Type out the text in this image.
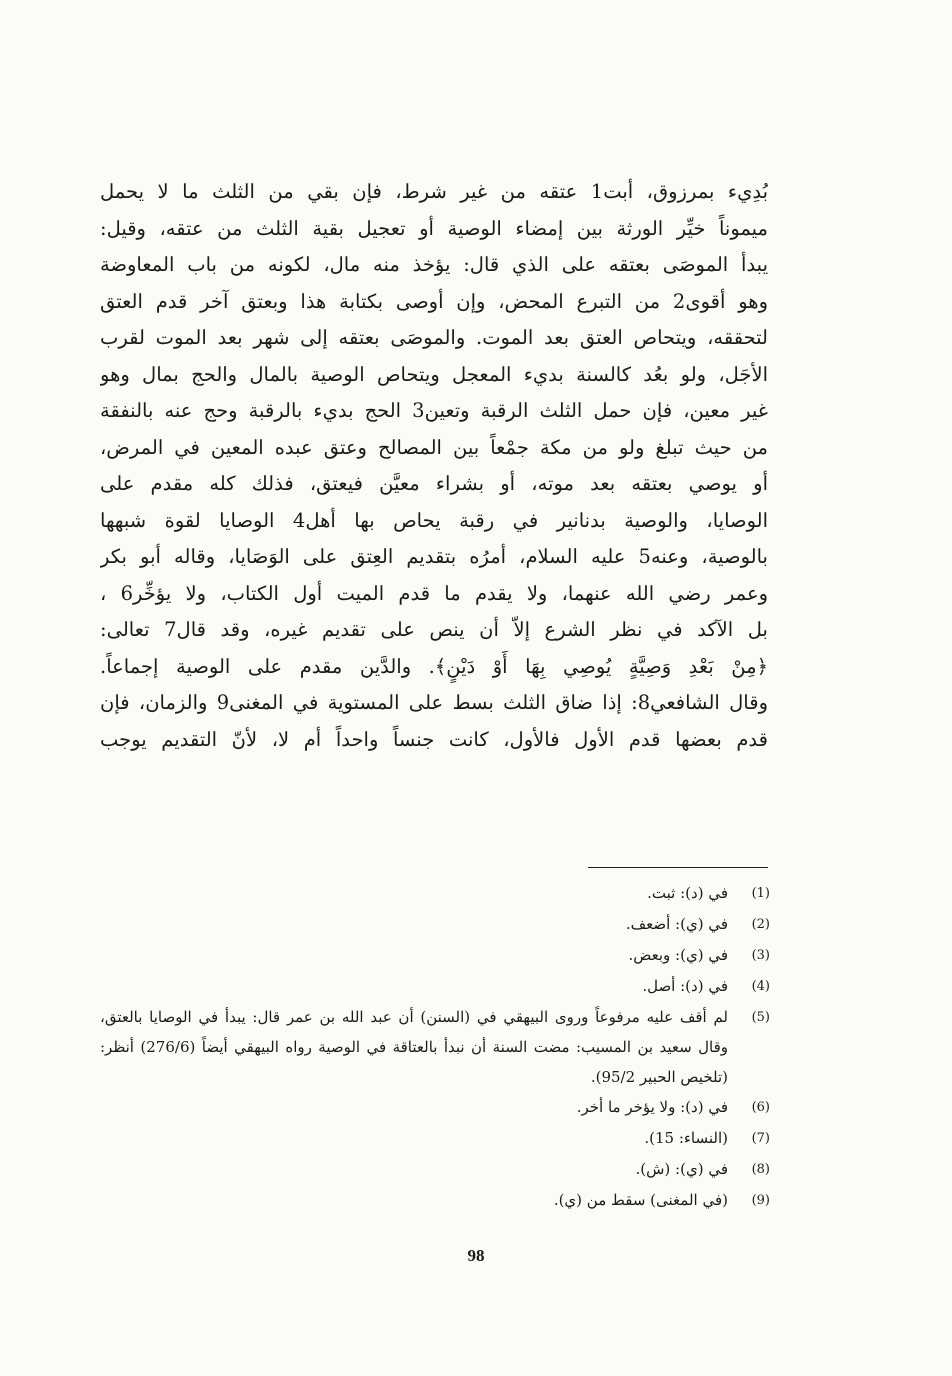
بُدِيء بمرزوق، أبت1 عتقه من غير شرط، فإن بقي من الثلث ما لا يحمل
ميموناً خيِّر الورثة بين إمضاء الوصية أو تعجيل بقية الثلث من عتقه، وقيل:
يبدأ الموصَى بعتقه على الذي قال: يؤخذ منه مال، لكونه من باب المعاوضة
وهو أقوى2 من التبرع المحض، وإن أوصى بكتابة هذا وبعتق آخر قدم العتق
لتحققه، ويتحاص العتق بعد الموت. والموصَى بعتقه إلى شهر بعد الموت لقرب
الأجَل، ولو بعُد كالسنة بديء المعجل ويتحاص الوصية بالمال والحج بمال وهو
غير معين، فإن حمل الثلث الرقبة وتعين3 الحج بديء بالرقبة وحج عنه بالنفقة
من حيث تبلغ ولو من مكة جمْعاً بين المصالح وعتق عبده المعين في المرض،
أو يوصي بعتقه بعد موته، أو بشراء معيَّن فيعتق، فذلك كله مقدم على
الوصايا، والوصية بدنانير في رقبة يحاص بها أهل4 الوصايا لقوة شبهها
بالوصية، وعنه5 عليه السلام، أمرُه بتقديم العِتق على الوَصَايا، وقاله أبو بكر
وعمر رضي الله عنهما، ولا يقدم ما قدم الميت أول الكتاب، ولا يؤخِّر6 ،
بل الآكد في نظر الشرع إلاّ أن ينص على تقديم غيره، وقد قال7 تعالى:
﴿مِنْ بَعْدِ وَصِيَّةٍ يُوصِي بِهَا أَوْ دَيْنٍ﴾. والدَّين مقدم على الوصية إجماعاً.
وقال الشافعي8: إذا ضاق الثلث بسط على المستوية في المغنى9 والزمان، فإن
قدم بعضها قدم الأول فالأول، كانت جنساً واحداً أم لا، لأنّ التقديم يوجب
(1)
في (د): ثبت.
(2)
في (ي): أضعف.
(3)
في (ي): وبعض.
(4)
في (د): أصل.
(5)
لم أقف عليه مرفوعاً وروى البيهقي في (السنن) أن عبد الله بن عمر قال: يبدأ في الوصايا بالعتق، وقال سعيد بن المسيب: مضت السنة أن نبدأ بالعتاقة في الوصية رواه البيهقي أيضاً (276/6) أنظر: (تلخيص الحبير 95/2).
(6)
في (د): ولا يؤخر ما أخر.
(7)
(النساء: 15).
(8)
في (ي): (ش).
(9)
(في المغنى) سقط من (ي).
98
